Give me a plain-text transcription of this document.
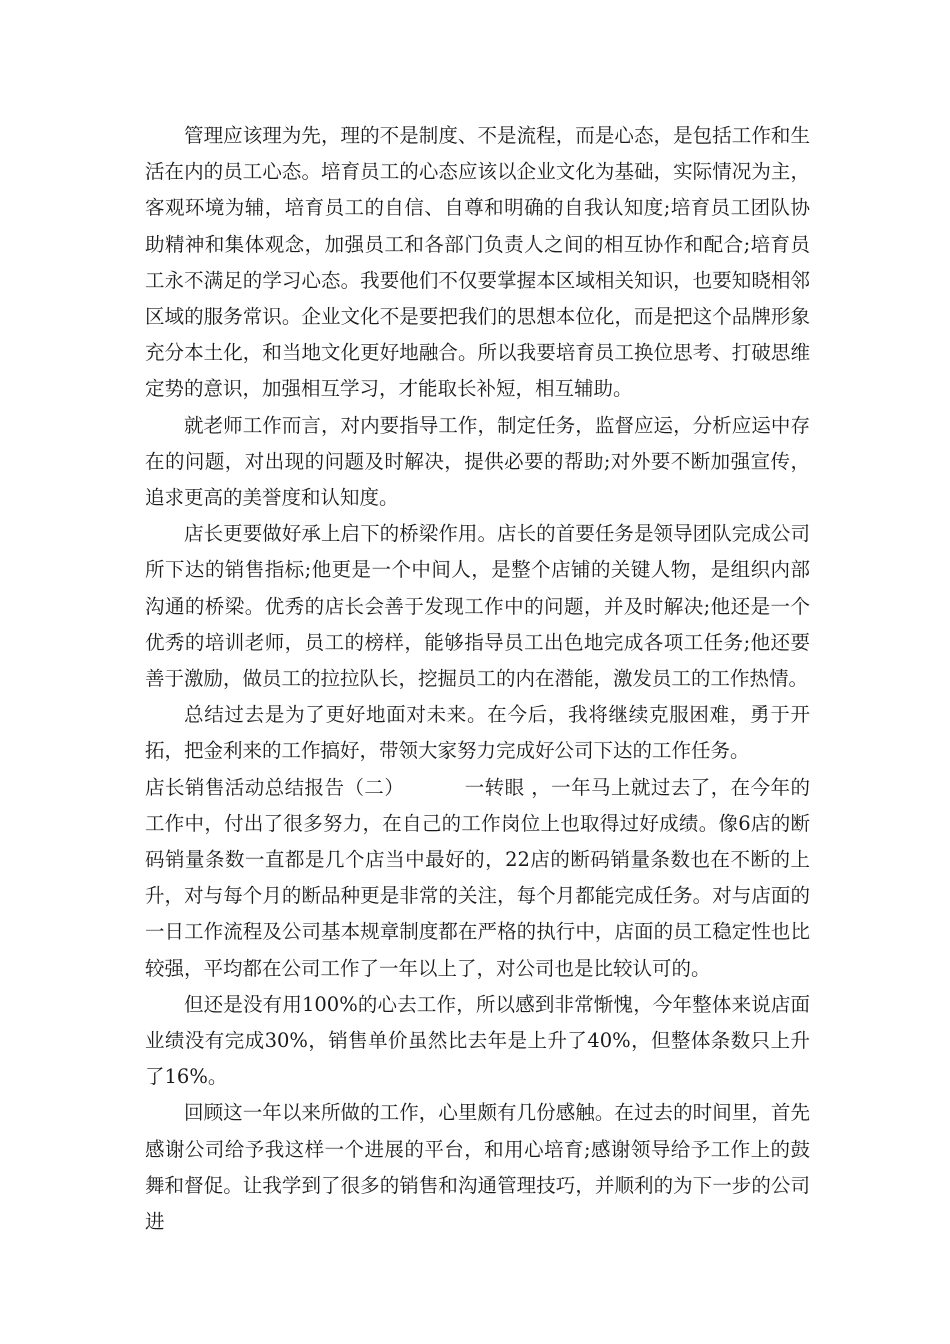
管理应该理为先，理的不是制度、不是流程，而是心态，是包括工作和生活在内的员工心态。培育员工的心态应该以企业文化为基础，实际情况为主，客观环境为辅，培育员工的自信、自尊和明确的自我认知度;培育员工团队协助精神和集体观念，加强员工和各部门负责人之间的相互协作和配合;培育员工永不满足的学习心态。我要他们不仅要掌握本区域相关知识，也要知晓相邻区域的服务常识。企业文化不是要把我们的思想本位化，而是把这个品牌形象充分本土化，和当地文化更好地融合。所以我要培育员工换位思考、打破思维定势的意识，加强相互学习，才能取长补短，相互辅助。

就老师工作而言，对内要指导工作，制定任务，监督应运，分析应运中存在的问题，对出现的问题及时解决，提供必要的帮助;对外要不断加强宣传，追求更高的美誉度和认知度。

店长更要做好承上启下的桥梁作用。店长的首要任务是领导团队完成公司所下达的销售指标;他更是一个中间人，是整个店铺的关键人物，是组织内部沟通的桥梁。优秀的店长会善于发现工作中的问题，并及时解决;他还是一个优秀的培训老师，员工的榜样，能够指导员工出色地完成各项工任务;他还要善于激励，做员工的拉拉队长，挖掘员工的内在潜能，激发员工的工作热情。

总结过去是为了更好地面对未来。在今后，我将继续克服困难，勇于开拓，把金利来的工作搞好，带领大家努力完成好公司下达的工作任务。

店长销售活动总结报告（二）	一转眼 ，一年马上就过去了，在今年的工作中，付出了很多努力，在自己的工作岗位上也取得过好成绩。像6店的断码销量条数一直都是几个店当中最好的，22店的断码销量条数也在不断的上升，对与每个月的断品种更是非常的关注，每个月都能完成任务。对与店面的一日工作流程及公司基本规章制度都在严格的执行中，店面的员工稳定性也比较强，平均都在公司工作了一年以上了，对公司也是比较认可的。

但还是没有用100%的心去工作，所以感到非常惭愧，今年整体来说店面业绩没有完成30%，销售单价虽然比去年是上升了40%，但整体条数只上升了16%。

回顾这一年以来所做的工作，心里颇有几份感触。在过去的时间里，首先感谢公司给予我这样一个进展的平台，和用心培育;感谢领导给予工作上的鼓舞和督促。让我学到了很多的销售和沟通管理技巧，并顺利的为下一步的公司进
